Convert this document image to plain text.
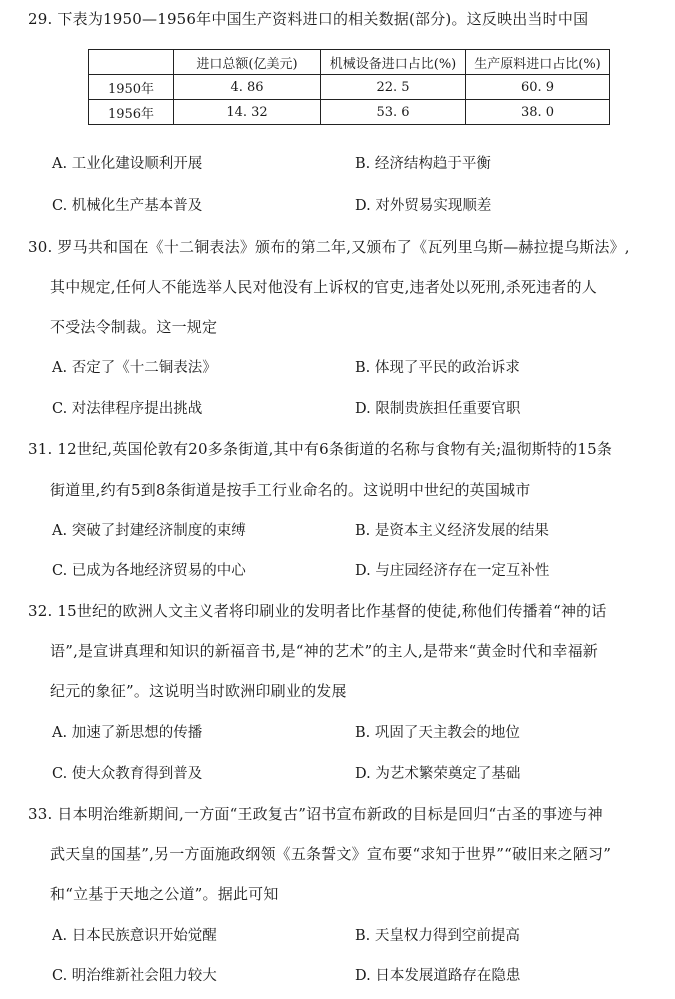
29. 下表为1950—1956年中国生产资料进口的相关数据(部分)。这反映出当时中国
	进口总额(亿美元)	机械设备进口占比(%)	生产原料进口占比(%)
1950年	4. 86	22. 5	60. 9
1956年	14. 32	53. 6	38. 0
A. 工业化建设顺利开展	B. 经济结构趋于平衡
C. 机械化生产基本普及	D. 对外贸易实现顺差
30. 罗马共和国在《十二铜表法》颁布的第二年,又颁布了《瓦列里乌斯—赫拉提乌斯法》,
其中规定,任何人不能选举人民对他没有上诉权的官吏,违者处以死刑,杀死违者的人
不受法令制裁。这一规定
A. 否定了《十二铜表法》	B. 体现了平民的政治诉求
C. 对法律程序提出挑战	D. 限制贵族担任重要官职
31. 12世纪,英国伦敦有20多条街道,其中有6条街道的名称与食物有关;温彻斯特的15条
街道里,约有5到8条街道是按手工行业命名的。这说明中世纪的英国城市
A. 突破了封建经济制度的束缚	B. 是资本主义经济发展的结果
C. 已成为各地经济贸易的中心	D. 与庄园经济存在一定互补性
32. 15世纪的欧洲人文主义者将印刷业的发明者比作基督的使徒,称他们传播着“神的话
语”,是宣讲真理和知识的新福音书,是“神的艺术”的主人,是带来“黄金时代和幸福新
纪元的象征”。这说明当时欧洲印刷业的发展
A. 加速了新思想的传播	B. 巩固了天主教会的地位
C. 使大众教育得到普及	D. 为艺术繁荣奠定了基础
33. 日本明治维新期间,一方面“王政复古”诏书宣布新政的目标是回归“古圣的事迹与神
武天皇的国基”,另一方面施政纲领《五条誓文》宣布要“求知于世界”“破旧来之陋习”
和“立基于天地之公道”。据此可知
A. 日本民族意识开始觉醒	B. 天皇权力得到空前提高
C. 明治维新社会阻力较大	D. 日本发展道路存在隐患
